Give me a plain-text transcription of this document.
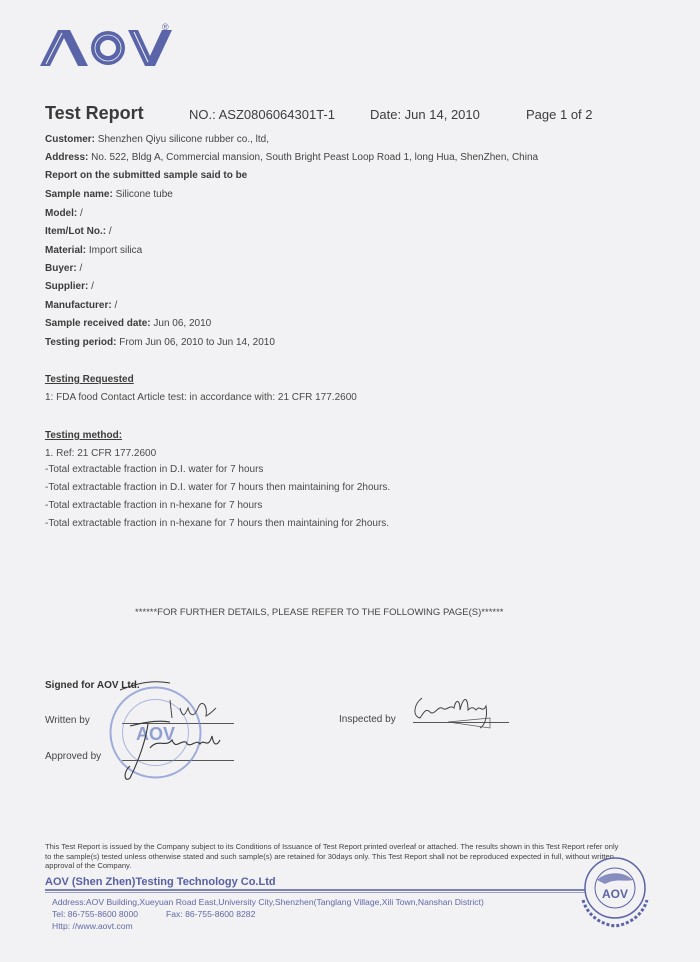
®
Test Report	NO.: ASZ0806064301T-1	Date: Jun 14, 2010	Page 1 of 2
Customer: Shenzhen Qiyu silicone rubber co., ltd,
Address: No. 522, Bldg A, Commercial mansion, South Bright Peast Loop Road 1, long Hua, ShenZhen, China
Report on the submitted sample said to be
Sample name: Silicone tube
Model: /
Item/Lot No.: /
Material: Import silica
Buyer: /
Supplier: /
Manufacturer: /
Sample received date: Jun 06, 2010
Testing period: From Jun 06, 2010 to Jun 14, 2010
Testing Requested
1: FDA food Contact Article test: in accordance with: 21 CFR 177.2600
Testing method:
1. Ref: 21 CFR 177.2600
-Total extractable fraction in D.I. water for 7 hours
-Total extractable fraction in D.I. water for 7 hours then maintaining for 2hours.
-Total extractable fraction in n-hexane for 7 hours
-Total extractable fraction in n-hexane for 7 hours then maintaining for 2hours.
******FOR FURTHER DETAILS, PLEASE REFER TO THE FOLLOWING PAGE(S)******
Signed for AOV Ltd.
Written by
Approved by
AOV
Inspected by
This Test Report is issued by the Company subject to its Conditions of Issuance of Test Report printed overleaf or attached. The results shown in this Test Report refer only to the sample(s) tested unless otherwise stated and such sample(s) are retained for 30days only. This Test Report shall not be reproduced expected in full, without written approval of the Company.
AOV (Shen Zhen)Testing Technology Co.Ltd
Address:AOV Building,Xueyuan Road East,University City,Shenzhen(Tanglang Village,Xili Town,Nanshan District)
Tel: 86-755-8600 8000	Fax: 86-755-8600 8282
Http: //www.aovt.com
AOV
